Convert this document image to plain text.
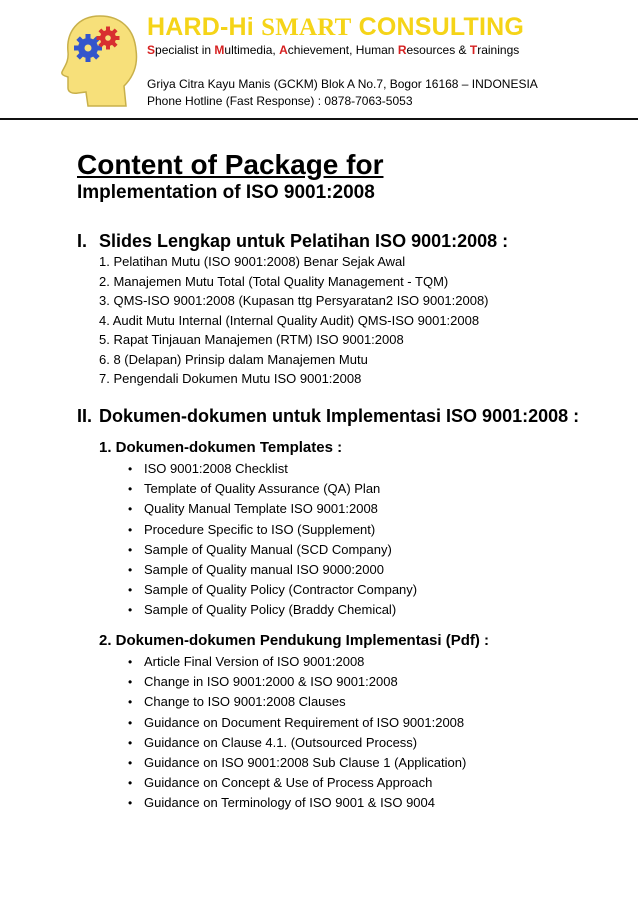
HARD-Hi SMART CONSULTING
Specialist in Multimedia, Achievement, Human Resources & Trainings
Griya Citra Kayu Manis (GCKM) Blok A No.7, Bogor 16168 – INDONESIA
Phone Hotline (Fast Response) : 0878-7063-5053
Content of Package for
Implementation of ISO 9001:2008
I. Slides Lengkap untuk Pelatihan ISO 9001:2008 :
1. Pelatihan Mutu (ISO 9001:2008) Benar Sejak Awal
2. Manajemen Mutu Total (Total Quality Management - TQM)
3. QMS-ISO 9001:2008 (Kupasan ttg Persyaratan2 ISO 9001:2008)
4. Audit Mutu Internal (Internal Quality Audit) QMS-ISO 9001:2008
5. Rapat Tinjauan Manajemen (RTM) ISO 9001:2008
6. 8 (Delapan) Prinsip dalam Manajemen Mutu
7. Pengendali Dokumen Mutu ISO 9001:2008
II. Dokumen-dokumen untuk Implementasi ISO 9001:2008 :
1. Dokumen-dokumen Templates :
• ISO 9001:2008 Checklist
• Template of Quality Assurance (QA) Plan
• Quality Manual Template ISO 9001:2008
• Procedure Specific to ISO (Supplement)
• Sample of Quality Manual (SCD Company)
• Sample of Quality manual ISO 9000:2000
• Sample of Quality Policy (Contractor Company)
• Sample of Quality Policy (Braddy Chemical)
2. Dokumen-dokumen Pendukung Implementasi (Pdf) :
• Article Final Version of ISO 9001:2008
• Change in ISO 9001:2000 & ISO 9001:2008
• Change to ISO 9001:2008 Clauses
• Guidance on Document Requirement of ISO 9001:2008
• Guidance on Clause 4.1. (Outsourced Process)
• Guidance on ISO 9001:2008 Sub Clause 1 (Application)
• Guidance on Concept & Use of Process Approach
• Guidance on Terminology of ISO 9001 & ISO 9004
